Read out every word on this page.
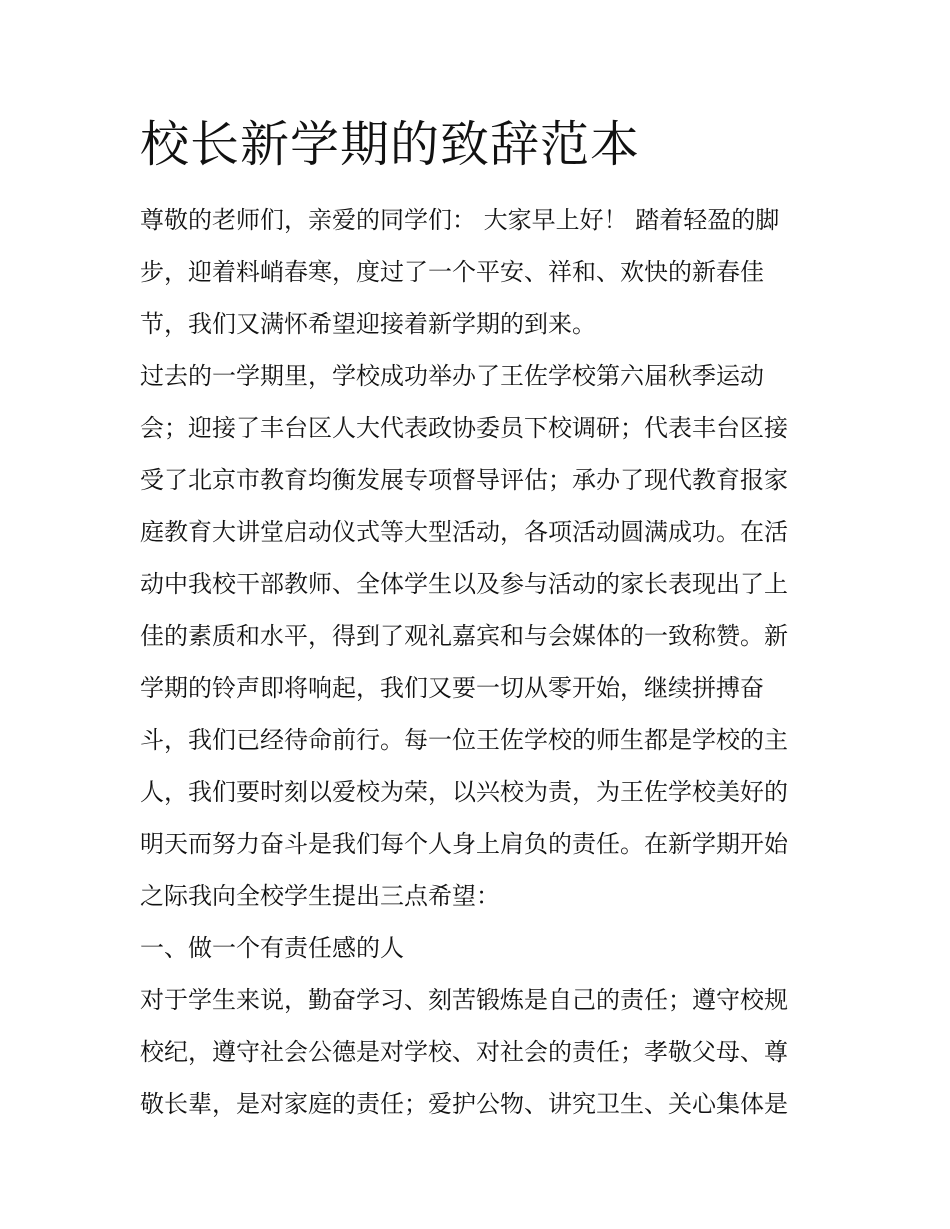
校长新学期的致辞范本

尊敬的老师们，亲爱的同学们： 大家早上好！ 踏着轻盈的脚

步，迎着料峭春寒，度过了一个平安、祥和、欢快的新春佳

节，我们又满怀希望迎接着新学期的到来。

过去的一学期里，学校成功举办了王佐学校第六届秋季运动

会；迎接了丰台区人大代表政协委员下校调研；代表丰台区接

受了北京市教育均衡发展专项督导评估；承办了现代教育报家

庭教育大讲堂启动仪式等大型活动，各项活动圆满成功。在活

动中我校干部教师、全体学生以及参与活动的家长表现出了上

佳的素质和水平，得到了观礼嘉宾和与会媒体的一致称赞。新

学期的铃声即将响起，我们又要一切从零开始，继续拼搏奋

斗，我们已经待命前行。每一位王佐学校的师生都是学校的主

人，我们要时刻以爱校为荣，以兴校为责，为王佐学校美好的

明天而努力奋斗是我们每个人身上肩负的责任。在新学期开始

之际我向全校学生提出三点希望：

一、做一个有责任感的人

对于学生来说，勤奋学习、刻苦锻炼是自己的责任；遵守校规

校纪，遵守社会公德是对学校、对社会的责任；孝敬父母、尊

敬长辈，是对家庭的责任；爱护公物、讲究卫生、关心集体是
